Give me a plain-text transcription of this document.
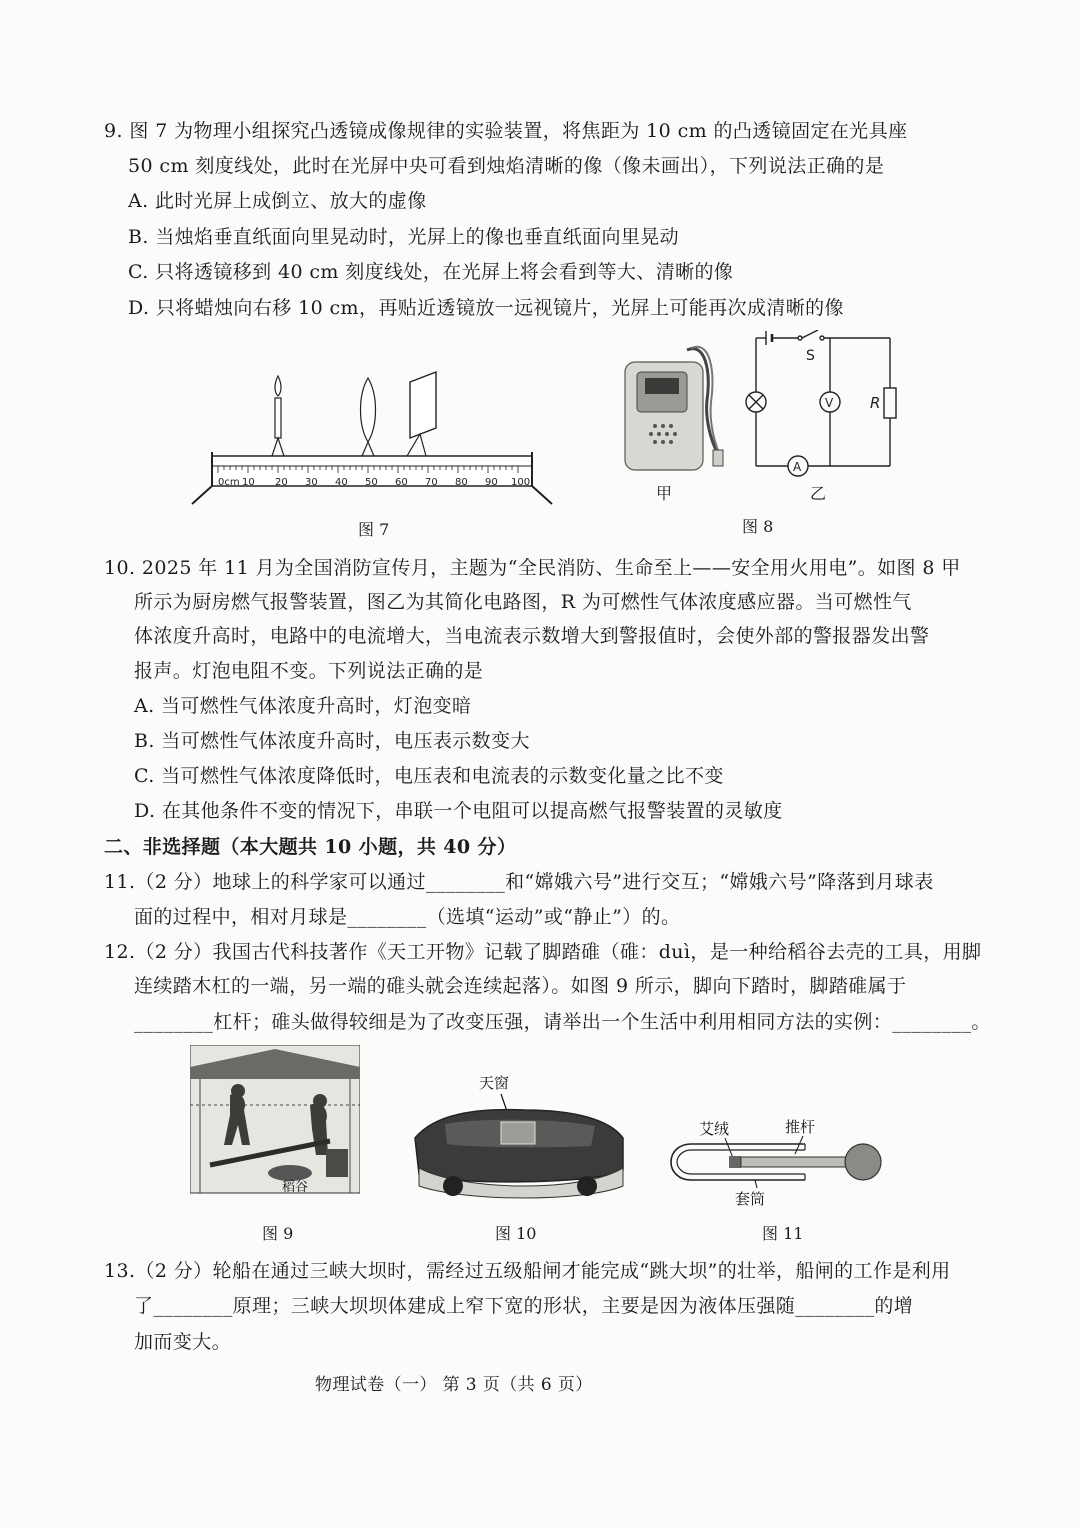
9. 图 7 为物理小组探究凸透镜成像规律的实验装置，将焦距为 10 cm 的凸透镜固定在光具座
50 cm 刻度线处，此时在光屏中央可看到烛焰清晰的像（像未画出），下列说法正确的是
A. 此时光屏上成倒立、放大的虚像
B. 当烛焰垂直纸面向里晃动时，光屏上的像也垂直纸面向里晃动
C. 只将透镜移到 40 cm 刻度线处，在光屏上将会看到等大、清晰的像
D. 只将蜡烛向右移 10 cm，再贴近透镜放一远视镜片，光屏上可能再次成清晰的像
0cm 10 20 30 40 50 60 70 80 90 100
图 7
甲
S
V
A
R
乙
图 8
10. 2025 年 11 月为全国消防宣传月，主题为“全民消防、生命至上——安全用火用电”。如图 8 甲
所示为厨房燃气报警装置，图乙为其简化电路图，R 为可燃性气体浓度感应器。当可燃性气
体浓度升高时，电路中的电流增大，当电流表示数增大到警报值时，会使外部的警报器发出警
报声。灯泡电阻不变。下列说法正确的是
A. 当可燃性气体浓度升高时，灯泡变暗
B. 当可燃性气体浓度升高时，电压表示数变大
C. 当可燃性气体浓度降低时，电压表和电流表的示数变化量之比不变
D. 在其他条件不变的情况下，串联一个电阻可以提高燃气报警装置的灵敏度
二、非选择题（本大题共 10 小题，共 40 分）
11.（2 分）地球上的科学家可以通过________和“嫦娥六号”进行交互；“嫦娥六号”降落到月球表
面的过程中，相对月球是________（选填“运动”或“静止”）的。
12.（2 分）我国古代科技著作《天工开物》记载了脚踏碓（碓：duì，是一种给稻谷去壳的工具，用脚
连续踏木杠的一端，另一端的碓头就会连续起落）。如图 9 所示，脚向下踏时，脚踏碓属于
________杠杆；碓头做得较细是为了改变压强，请举出一个生活中利用相同方法的实例：________。
稻谷
图 9
天窗
图 10
艾绒	推杆
套筒
图 11
13.（2 分）轮船在通过三峡大坝时，需经过五级船闸才能完成“跳大坝”的壮举，船闸的工作是利用
了________原理；三峡大坝坝体建成上窄下宽的形状，主要是因为液体压强随________的增
加而变大。
物理试卷（一） 第 3 页（共 6 页）
